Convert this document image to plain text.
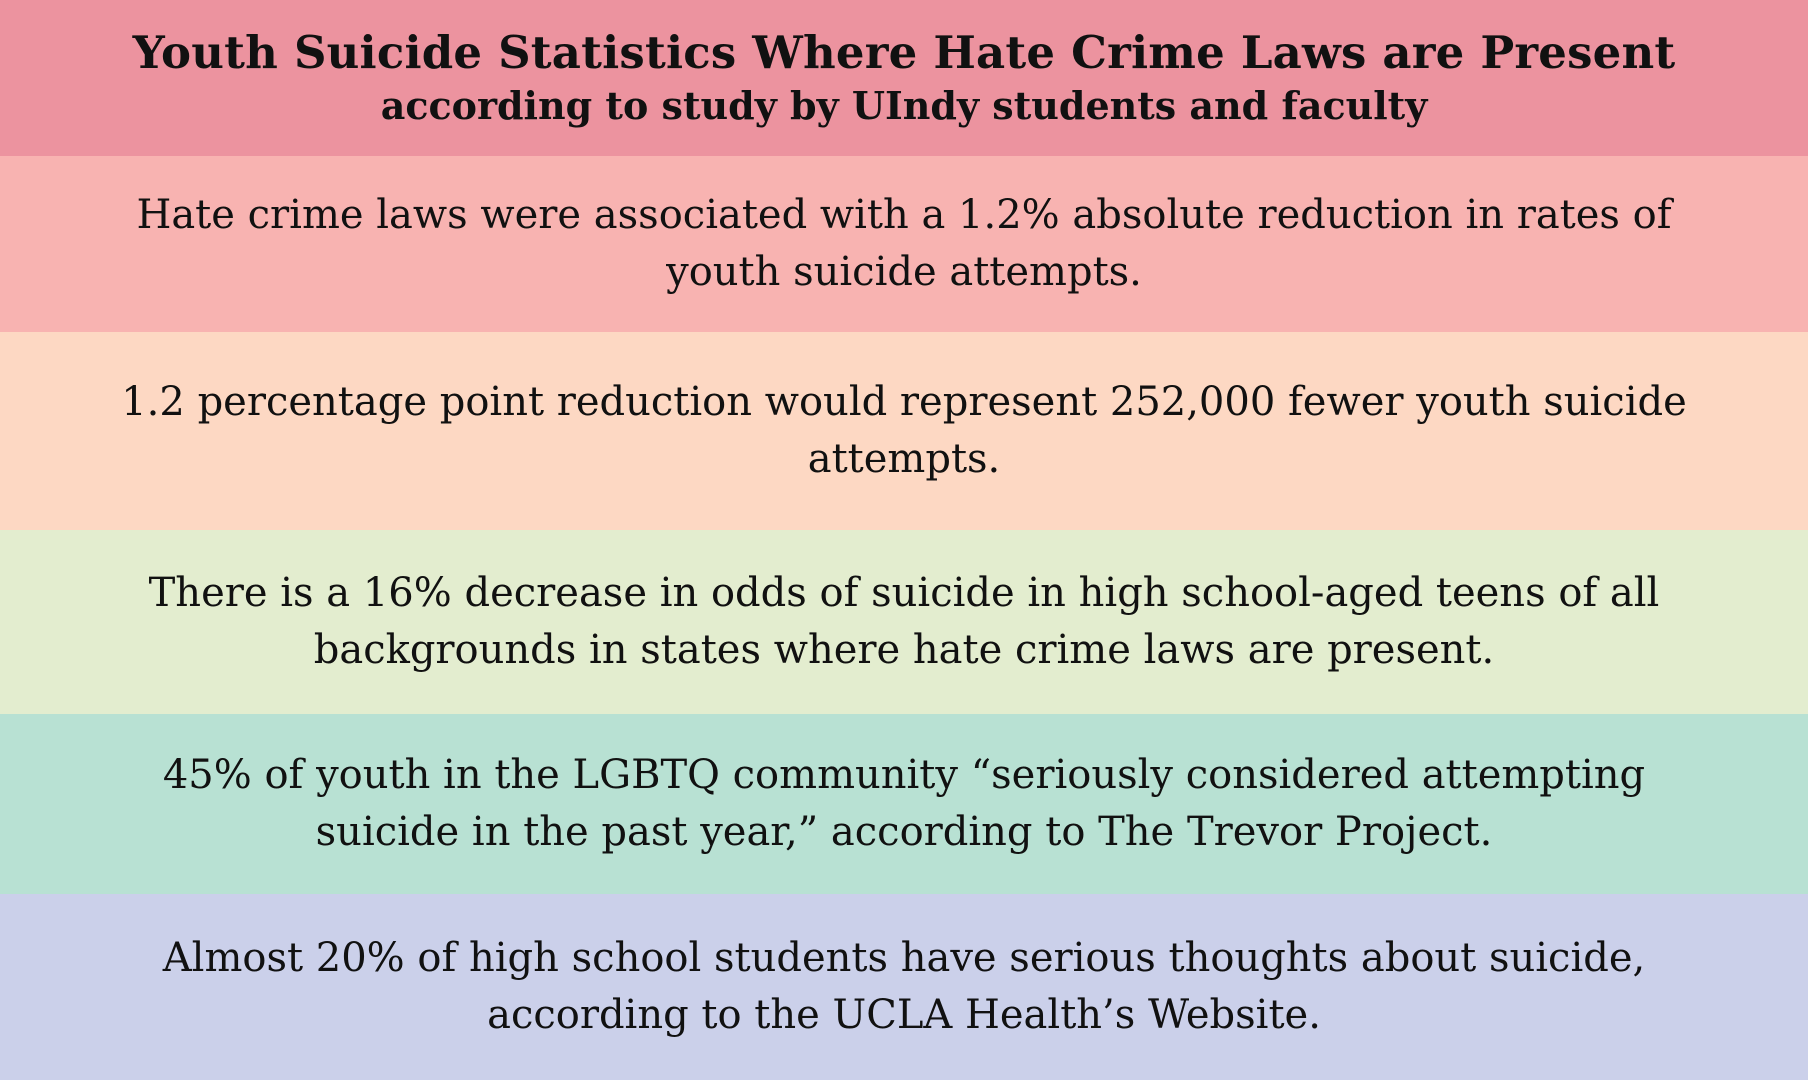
Youth Suicide Statistics Where Hate Crime Laws are Present
according to study by UIndy students and faculty
Hate crime laws were associated with a 1.2% absolute reduction in rates of
youth suicide attempts.
1.2 percentage point reduction would represent 252,000 fewer youth suicide
attempts.
There is a 16% decrease in odds of suicide in high school-aged teens of all
backgrounds in states where hate crime laws are present.
45% of youth in the LGBTQ community “seriously considered attempting
suicide in the past year,” according to The Trevor Project.
Almost 20% of high school students have serious thoughts about suicide,
according to the UCLA Health’s Website.
